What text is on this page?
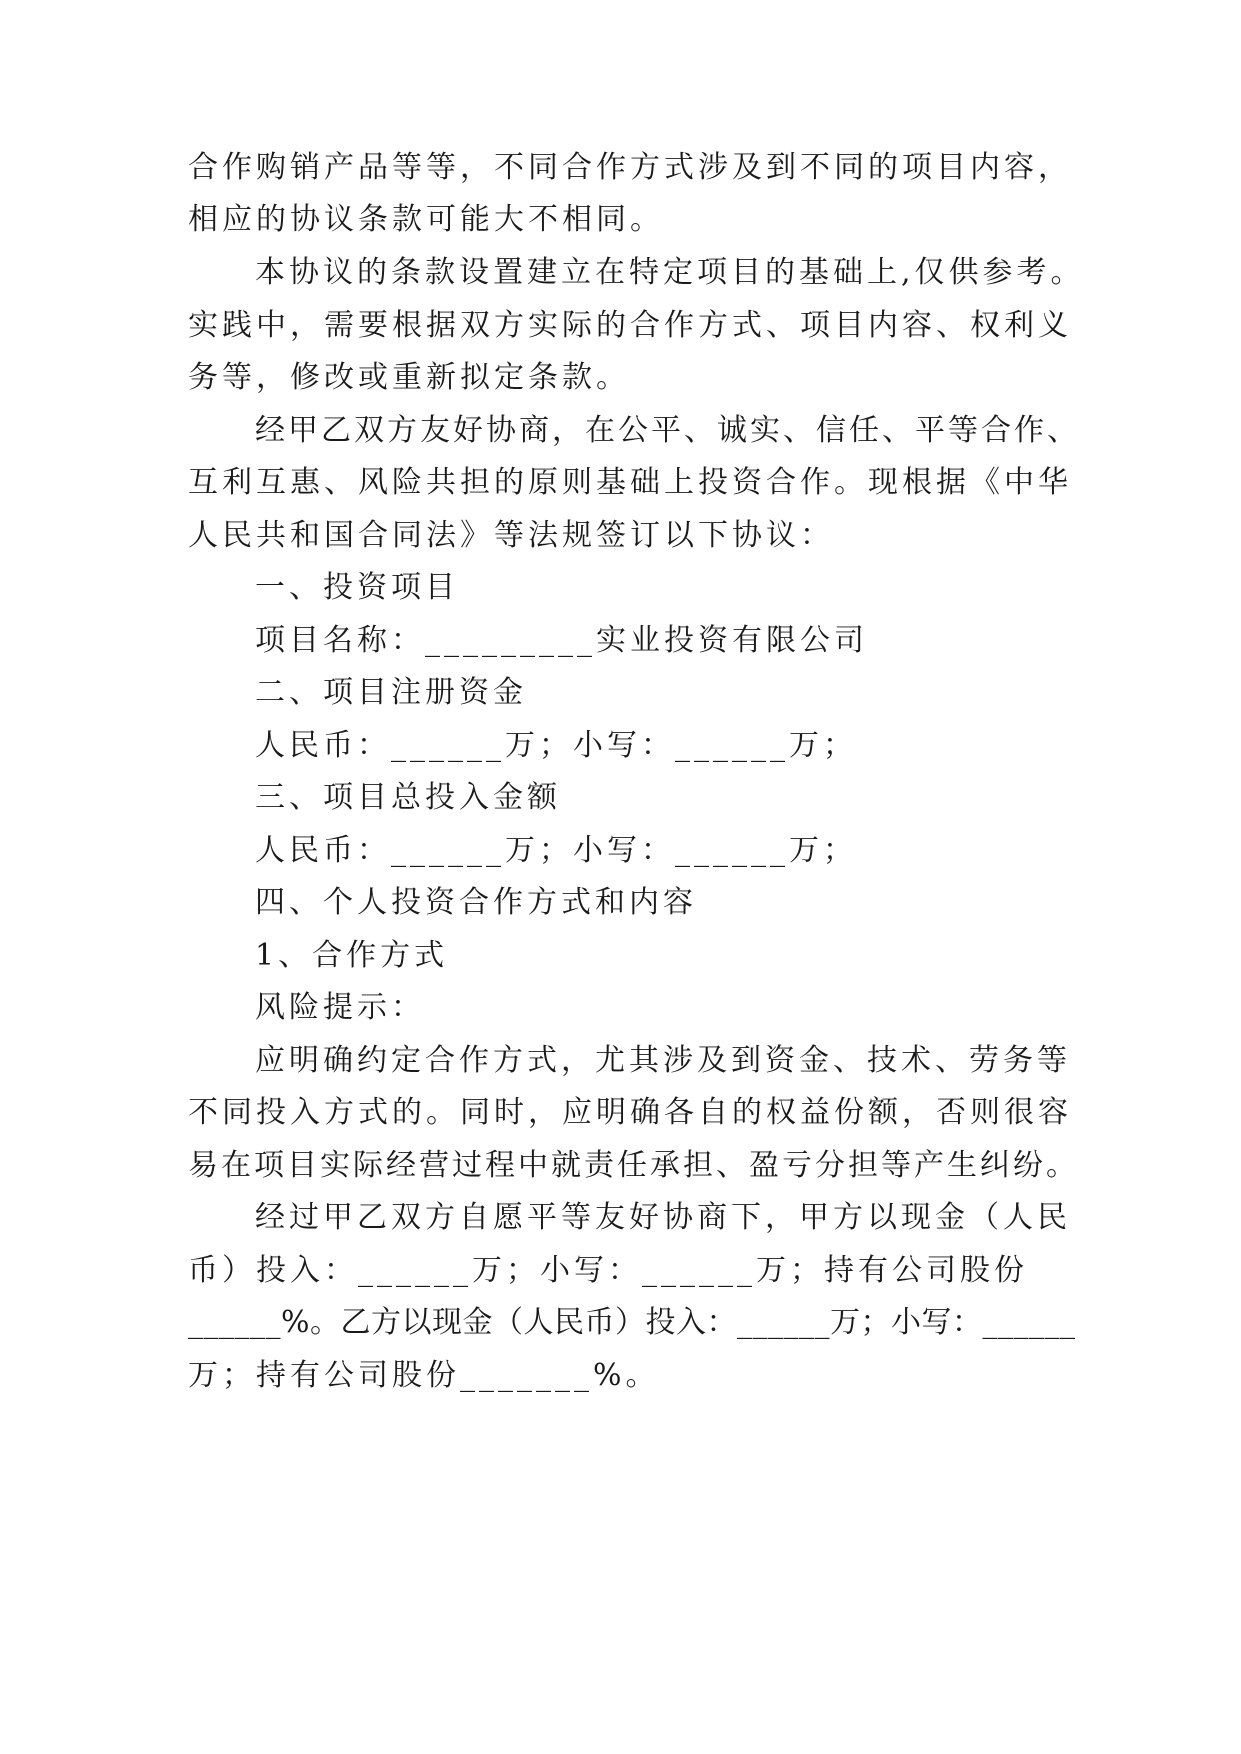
合作购销产品等等，不同合作方式涉及到不同的项目内容，
相应的协议条款可能大不相同。
本协议的条款设置建立在特定项目的基础上,仅供参考。
实践中，需要根据双方实际的合作方式、项目内容、权利义
务等，修改或重新拟定条款。
经甲乙双方友好协商，在公平、诚实、信任、平等合作、
互利互惠、风险共担的原则基础上投资合作。现根据《中华
人民共和国合同法》等法规签订以下协议：
一、投资项目
项目名称：_________实业投资有限公司
二、项目注册资金
人民币：______万；小写：______万；
三、项目总投入金额
人民币：______万；小写：______万；
四、个人投资合作方式和内容
1、合作方式
风险提示：
应明确约定合作方式，尤其涉及到资金、技术、劳务等
不同投入方式的。同时，应明确各自的权益份额，否则很容
易在项目实际经营过程中就责任承担、盈亏分担等产生纠纷。
经过甲乙双方自愿平等友好协商下，甲方以现金（人民
币）投入：______万；小写：______万；持有公司股份
______%。乙方以现金（人民币）投入：______万；小写：______
万；持有公司股份_______%。
